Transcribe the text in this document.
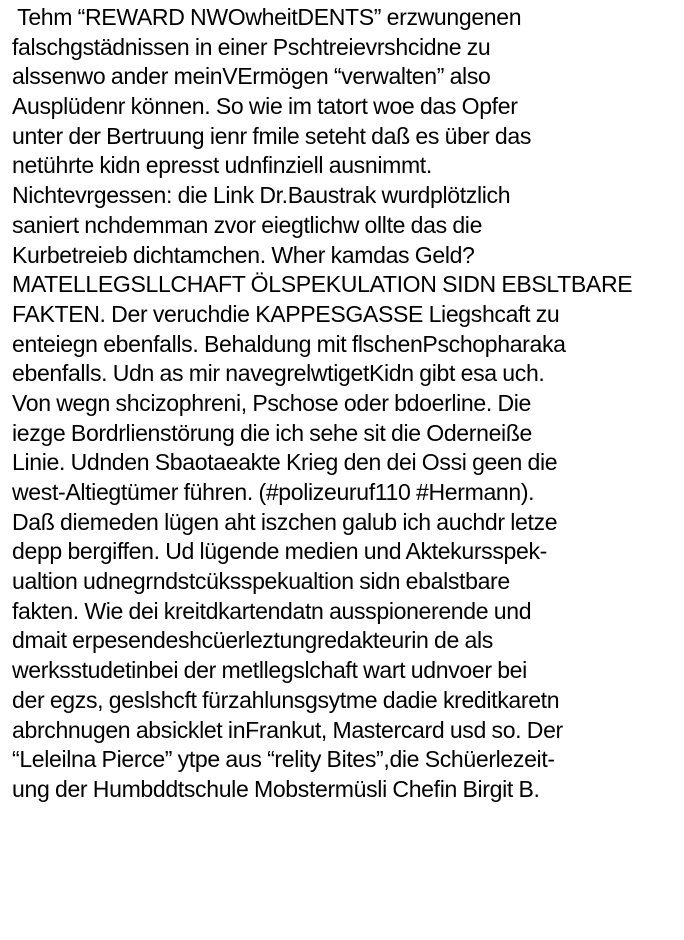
Tehm “REWARD NWOwheitDENTS” erzwungenen
falschgstädnissen in einer Pschtreievrshcidne zu
alssenwo ander meinVErmögen “verwalten” also
Ausplüdenr können. So wie im tatort woe das Opfer
unter der Bertruung ienr fmile seteht daß es über das
netührte kidn epresst udnfinziell ausnimmt.
Nichtevrgessen: die Link Dr.Baustrak wurdplötzlich
saniert nchdemman zvor eiegtlichw ollte das die
Kurbetreieb dichtamchen. Wher kamdas Geld?
MATELLEGSLLCHAFT ÖLSPEKULATION SIDN EBSLTBARE
FAKTEN. Der veruchdie KAPPESGASSE Liegshcaft zu
enteiegn ebenfalls. Behaldung mit flschenPschopharaka
ebenfalls. Udn as mir navegrelwtigetKidn gibt esa uch.
Von wegn shcizophreni, Pschose oder bdoerline. Die
iezge Bordrlienstörung die ich sehe sit die Oderneiße
Linie. Udnden Sbaotaeakte Krieg den dei Ossi geen die
west-Altiegtümer führen. (#polizeuruf110 #Hermann).
Daß diemeden lügen aht iszchen galub ich auchdr letze
depp bergiffen. Ud lügende medien und Aktekursspek-
ualtion udnegrndstcüksspekualtion sidn ebalstbare
fakten. Wie dei kreitdkartendatn ausspionerende und
dmait erpesendeshcüerleztungredakteurin de als
werksstudetinbei der metllegslchaft wart udnvoer bei
der egzs, geslshcft fürzahlunsgsytme dadie kreditkaretn
abrchnugen absicklet inFrankut, Mastercard usd so. Der
“Leleilna Pierce” ytpe aus “relity Bites”,die Schüerlezeit-
ung der Humbddtschule Mobstermüsli Chefin Birgit B.
